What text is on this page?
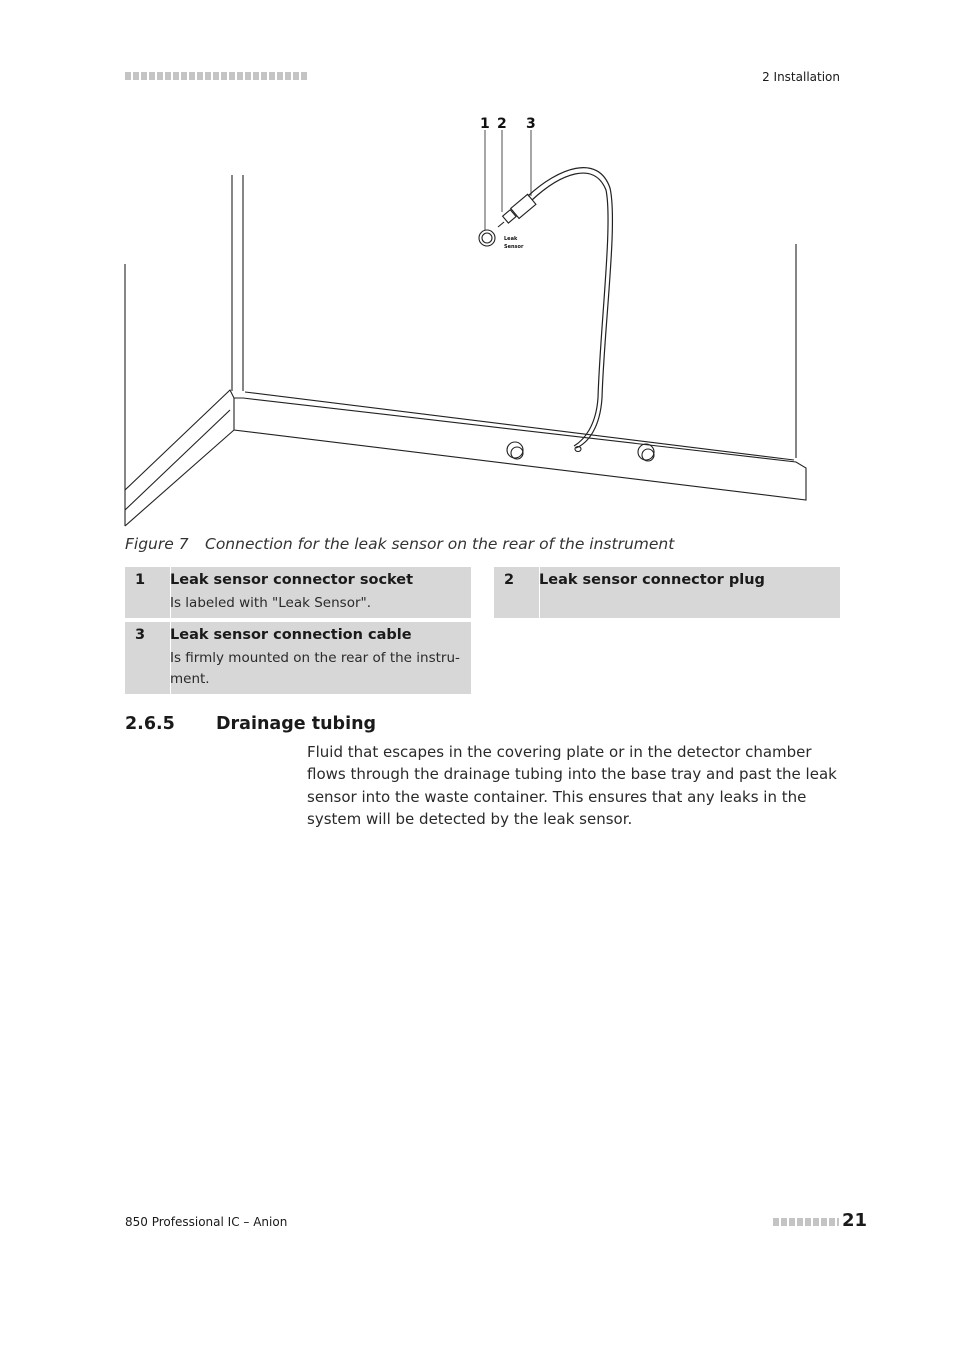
2 Installation
1 2 3
Leak
Sensor
Figure 7 Connection for the leak sensor on the rear of the instrument
1 Leak sensor connector socket
Is labeled with "Leak Sensor".
2 Leak sensor connector plug
3 Leak sensor connection cable
Is firmly mounted on the rear of the instru- ment.
2.6.5 Drainage tubing
Fluid that escapes in the covering plate or in the detector chamber flows through the drainage tubing into the base tray and past the leak sensor into the waste container. This ensures that any leaks in the system will be detected by the leak sensor.
850 Professional IC – Anion	21
